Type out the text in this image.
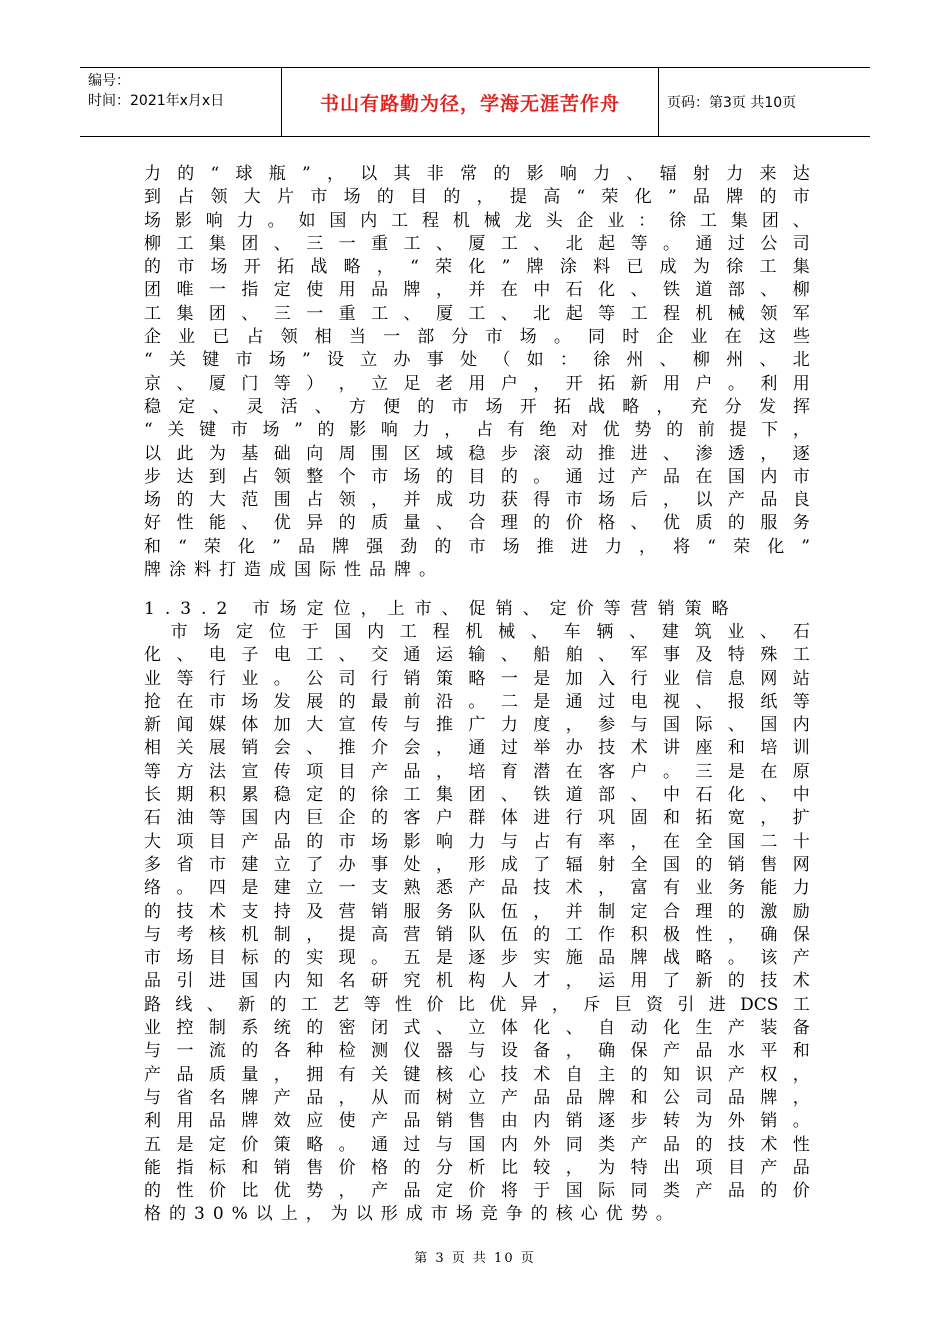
编号：
时间：2021年x月x日	书山有路勤为径，学海无涯苦作舟	页码：第3页 共10页
力 的 “ 球 瓶 ” ， 以 其 非 常 的 影 响 力 、 辐 射 力 来 达
到 占 领 大 片 市 场 的 目 的 ， 提 高 “ 荣 化 ” 品 牌 的 市
场 影 响 力 。 如 国 内 工 程 机 械 龙 头 企 业 ： 徐 工 集 团 、
柳 工 集 团 、 三 一 重 工 、 厦 工 、 北 起 等 。 通 过 公 司
的 市 场 开 拓 战 略 ， “ 荣 化 ” 牌 涂 料 已 成 为 徐 工 集
团 唯 一 指 定 使 用 品 牌 ， 并 在 中 石 化 、 铁 道 部 、 柳
工 集 团 、 三 一 重 工 、 厦 工 、 北 起 等 工 程 机 械 领 军
企 业 已 占 领 相 当 一 部 分 市 场 。 同 时 企 业 在 这 些
“ 关 键 市 场 ” 设 立 办 事 处 （ 如 ： 徐 州 、 柳 州 、 北
京 、 厦 门 等 ） ， 立 足 老 用 户 ， 开 拓 新 用 户 。 利 用
稳 定 、 灵 活 、 方 便 的 市 场 开 拓 战 略 ， 充 分 发 挥
“ 关 键 市 场 ” 的 影 响 力 ， 占 有 绝 对 优 势 的 前 提 下 ，
以 此 为 基 础 向 周 围 区 域 稳 步 滚 动 推 进 、 渗 透 ， 逐
步 达 到 占 领 整 个 市 场 的 目 的 。 通 过 产 品 在 国 内 市
场 的 大 范 围 占 领 ， 并 成 功 获 得 市 场 后 ， 以 产 品 良
好 性 能 、 优 异 的 质 量 、 合 理 的 价 格 、 优 质 的 服 务
和 “ 荣 化 ” 品 牌 强 劲 的 市 场 推 进 力 ， 将 “ 荣 化 ”
牌涂料打造成国际性品牌。
1.3.2 市场定位，上市、促销、定价等营销策略

市 场 定 位 于 国 内 工 程 机 械 、 车 辆 、 建 筑 业 、 石
化 、 电 子 电 工 、 交 通 运 输 、 船 舶 、 军 事 及 特 殊 工
业 等 行 业 。 公 司 行 销 策 略 一 是 加 入 行 业 信 息 网 站
抢 在 市 场 发 展 的 最 前 沿 。 二 是 通 过 电 视 、 报 纸 等
新 闻 媒 体 加 大 宣 传 与 推 广 力 度 ， 参 与 国 际 、 国 内
相 关 展 销 会 、 推 介 会 ， 通 过 举 办 技 术 讲 座 和 培 训
等 方 法 宣 传 项 目 产 品 ， 培 育 潜 在 客 户 。 三 是 在 原
长 期 积 累 稳 定 的 徐 工 集 团 、 铁 道 部 、 中 石 化 、 中
石 油 等 国 内 巨 企 的 客 户 群 体 进 行 巩 固 和 拓 宽 ， 扩
大 项 目 产 品 的 市 场 影 响 力 与 占 有 率 ， 在 全 国 二 十
多 省 市 建 立 了 办 事 处 ， 形 成 了 辐 射 全 国 的 销 售 网
络 。 四 是 建 立 一 支 熟 悉 产 品 技 术 ， 富 有 业 务 能 力
的 技 术 支 持 及 营 销 服 务 队 伍 ， 并 制 定 合 理 的 激 励
与 考 核 机 制 ， 提 高 营 销 队 伍 的 工 作 积 极 性 ， 确 保
市 场 目 标 的 实 现 。 五 是 逐 步 实 施 品 牌 战 略 。 该 产
品 引 进 国 内 知 名 研 究 机 构 人 才 ， 运 用 了 新 的 技 术
路 线 、 新 的 工 艺 等 性 价 比 优 异 ， 斥 巨 资 引 进 DCS 工
业 控 制 系 统 的 密 闭 式 、 立 体 化 、 自 动 化 生 产 装 备
与 一 流 的 各 种 检 测 仪 器 与 设 备 ， 确 保 产 品 水 平 和
产 品 质 量 ， 拥 有 关 键 核 心 技 术 自 主 的 知 识 产 权 ，
与 省 名 牌 产 品 ， 从 而 树 立 产 品 品 牌 和 公 司 品 牌 ，
利 用 品 牌 效 应 使 产 品 销 售 由 内 销 逐 步 转 为 外 销 。
五 是 定 价 策 略 。 通 过 与 国 内 外 同 类 产 品 的 技 术 性
能 指 标 和 销 售 价 格 的 分 析 比 较 ， 为 特 出 项 目 产 品
的 性 价 比 优 势 ， 产 品 定 价 将 于 国 际 同 类 产 品 的 价
格的30%以上，为以形成市场竞争的核心优势。
第 3 页 共 10 页
